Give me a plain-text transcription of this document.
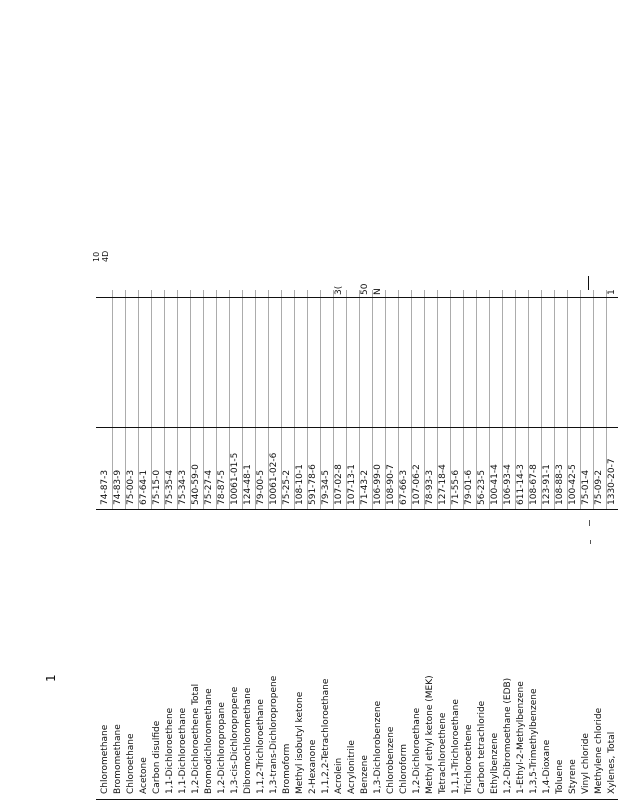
10 4D
Chloromethane
74-87-3
Bromomethane
74-83-9
Chloroethane
75-00-3
Acetone
67-64-1
Carbon disulfide
75-15-0
1,1-Dichloroethene
75-35-4
1,1-Dichloroethane
75-34-3
1,2-Dichloroethene Total
540-59-0
Bromodichloromethane
75-27-4
1,2-Dichloropropane
78-87-5
1,3-cis-Dichloropropene
10061-01-5
Dibromochloromethane
124-48-1
1,1,2-Trichloroethane
79-00-5
1,3-trans-Dichloropropene
10061-02-6
Bromoform
75-25-2
Methyl isobutyl ketone
108-10-1
2-Hexanone
591-78-6
1,1,2,2-Tetrachloroethane
79-34-5
Acrolein
107-02-8
3(
Acrylonitrile
107-13-1
Benzene
71-43-2
50
1,3-Dichlorobenzene
106-99-0
N
Chlorobenzene
108-90-7
Chloroform
67-66-3
1,2-Dichloroethane
107-06-2
Methyl ethyl ketone (MEK)
78-93-3
Tetrachloroethene
127-18-4
1,1,1-Trichloroethane
71-55-6
Trichloroethene
79-01-6
Carbon tetrachloride
56-23-5
Ethylbenzene
100-41-4
1,2-Dibromoethane (EDB)
106-93-4
1-Ethyl-2-Methylbenzene
611-14-3
1,3,5-Trimethylbenzene
108-67-8
1,4-Dioxane
123-91-1
Toluene
108-88-3
Styrene
100-42-5
Vinyl chloride
75-01-4
Methylene chloride
75-09-2
Xylenes, Total
1330-20-7
1
1
